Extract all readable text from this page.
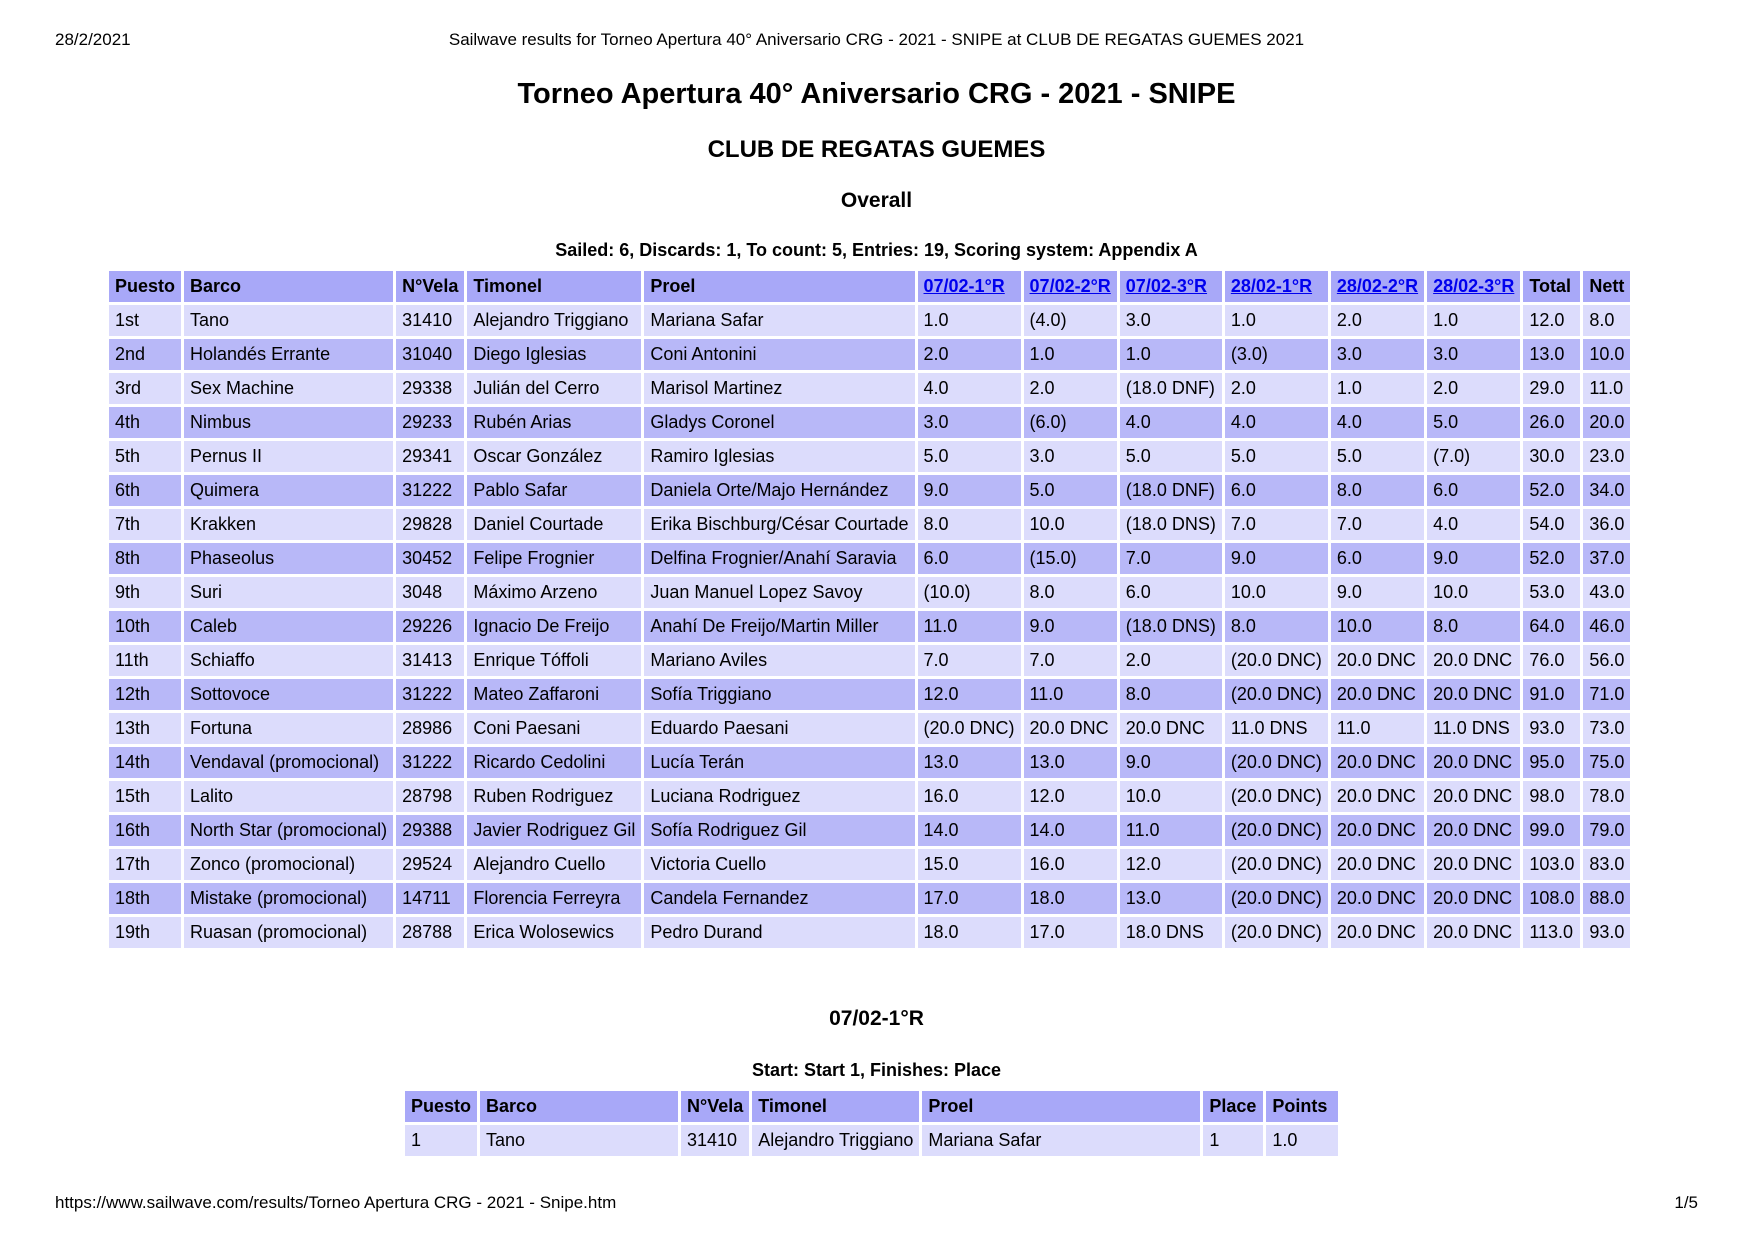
28/2/2021	Sailwave results for Torneo Apertura 40° Aniversario CRG - 2021 - SNIPE at CLUB DE REGATAS GUEMES 2021
Torneo Apertura 40° Aniversario CRG - 2021 - SNIPE
CLUB DE REGATAS GUEMES
Overall
Sailed: 6, Discards: 1, To count: 5, Entries: 19, Scoring system: Appendix A
Puesto	Barco	N°Vela	Timonel	Proel	07/02-1°R	07/02-2°R	07/02-3°R	28/02-1°R	28/02-2°R	28/02-3°R	Total	Nett
1st	Tano	31410	Alejandro Triggiano	Mariana Safar	1.0	(4.0)	3.0	1.0	2.0	1.0	12.0	8.0
2nd	Holandés Errante	31040	Diego Iglesias	Coni Antonini	2.0	1.0	1.0	(3.0)	3.0	3.0	13.0	10.0
3rd	Sex Machine	29338	Julián del Cerro	Marisol Martinez	4.0	2.0	(18.0 DNF)	2.0	1.0	2.0	29.0	11.0
4th	Nimbus	29233	Rubén Arias	Gladys Coronel	3.0	(6.0)	4.0	4.0	4.0	5.0	26.0	20.0
5th	Pernus II	29341	Oscar González	Ramiro Iglesias	5.0	3.0	5.0	5.0	5.0	(7.0)	30.0	23.0
6th	Quimera	31222	Pablo Safar	Daniela Orte/Majo Hernández	9.0	5.0	(18.0 DNF)	6.0	8.0	6.0	52.0	34.0
7th	Krakken	29828	Daniel Courtade	Erika Bischburg/César Courtade	8.0	10.0	(18.0 DNS)	7.0	7.0	4.0	54.0	36.0
8th	Phaseolus	30452	Felipe Frognier	Delfina Frognier/Anahí Saravia	6.0	(15.0)	7.0	9.0	6.0	9.0	52.0	37.0
9th	Suri	3048	Máximo Arzeno	Juan Manuel Lopez Savoy	(10.0)	8.0	6.0	10.0	9.0	10.0	53.0	43.0
10th	Caleb	29226	Ignacio De Freijo	Anahí De Freijo/Martin Miller	11.0	9.0	(18.0 DNS)	8.0	10.0	8.0	64.0	46.0
11th	Schiaffo	31413	Enrique Tóffoli	Mariano Aviles	7.0	7.0	2.0	(20.0 DNC)	20.0 DNC	20.0 DNC	76.0	56.0
12th	Sottovoce	31222	Mateo Zaffaroni	Sofía Triggiano	12.0	11.0	8.0	(20.0 DNC)	20.0 DNC	20.0 DNC	91.0	71.0
13th	Fortuna	28986	Coni Paesani	Eduardo Paesani	(20.0 DNC)	20.0 DNC	20.0 DNC	11.0 DNS	11.0	11.0 DNS	93.0	73.0
14th	Vendaval (promocional)	31222	Ricardo Cedolini	Lucía Terán	13.0	13.0	9.0	(20.0 DNC)	20.0 DNC	20.0 DNC	95.0	75.0
15th	Lalito	28798	Ruben Rodriguez	Luciana Rodriguez	16.0	12.0	10.0	(20.0 DNC)	20.0 DNC	20.0 DNC	98.0	78.0
16th	North Star (promocional)	29388	Javier Rodriguez Gil	Sofía Rodriguez Gil	14.0	14.0	11.0	(20.0 DNC)	20.0 DNC	20.0 DNC	99.0	79.0
17th	Zonco (promocional)	29524	Alejandro Cuello	Victoria Cuello	15.0	16.0	12.0	(20.0 DNC)	20.0 DNC	20.0 DNC	103.0	83.0
18th	Mistake (promocional)	14711	Florencia Ferreyra	Candela Fernandez	17.0	18.0	13.0	(20.0 DNC)	20.0 DNC	20.0 DNC	108.0	88.0
19th	Ruasan (promocional)	28788	Erica Wolosewics	Pedro Durand	18.0	17.0	18.0 DNS	(20.0 DNC)	20.0 DNC	20.0 DNC	113.0	93.0
07/02-1°R
Start: Start 1, Finishes: Place
Puesto	Barco	N°Vela	Timonel	Proel	Place	Points
1	Tano	31410	Alejandro Triggiano	Mariana Safar	1	1.0
https://www.sailwave.com/results/Torneo Apertura CRG - 2021 - Snipe.htm	1/5
